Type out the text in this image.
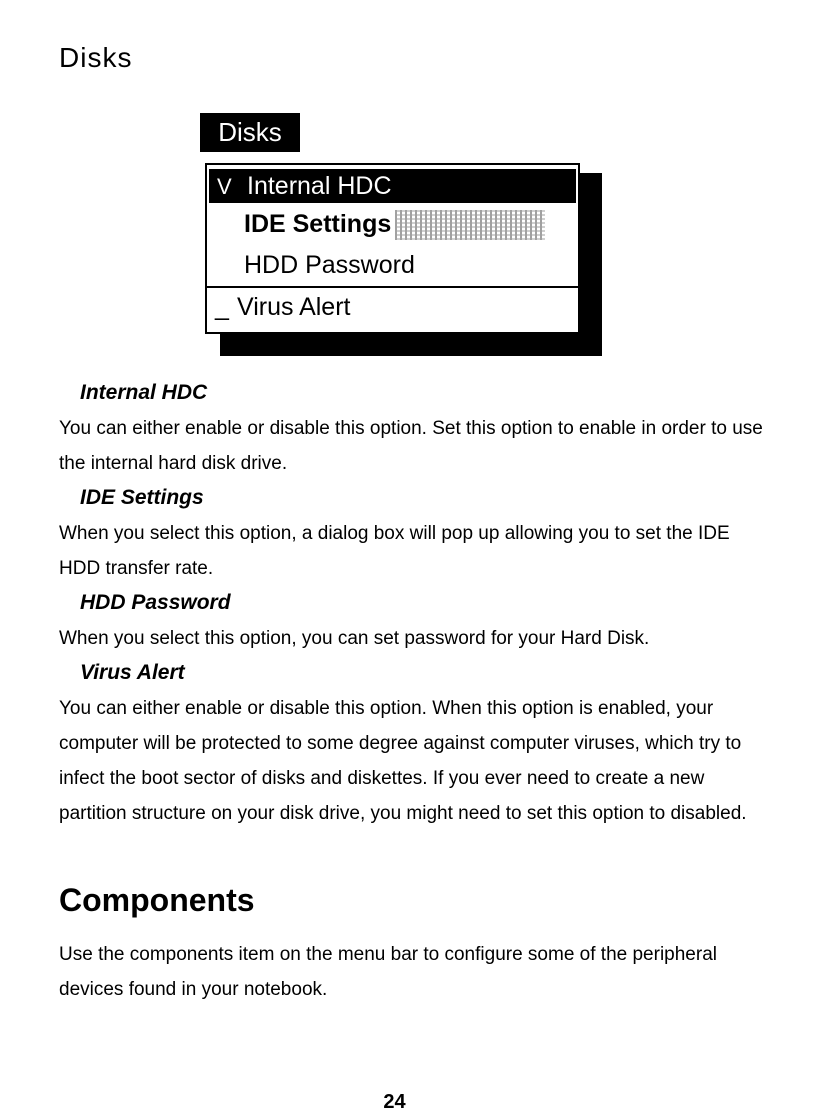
Disks
Disks
V Internal HDC
IDE Settings
HDD Password
_ Virus Alert
Internal HDC

You can either enable or disable this option. Set this option to enable in order to use the internal hard disk drive.

IDE Settings

When you select this option, a dialog box will pop up allowing you to set the IDE HDD transfer rate.

HDD Password

When you select this option, you can set password for your Hard Disk.

Virus Alert

You can either enable or disable this option. When this option is enabled, your computer will be protected to some degree against computer viruses, which try to infect the boot sector of disks and diskettes. If you ever need to create a new partition structure on your disk drive, you might need to set this option to disabled.

Components

Use the components item on the menu bar to configure some of the peripheral devices found in your notebook.

24
